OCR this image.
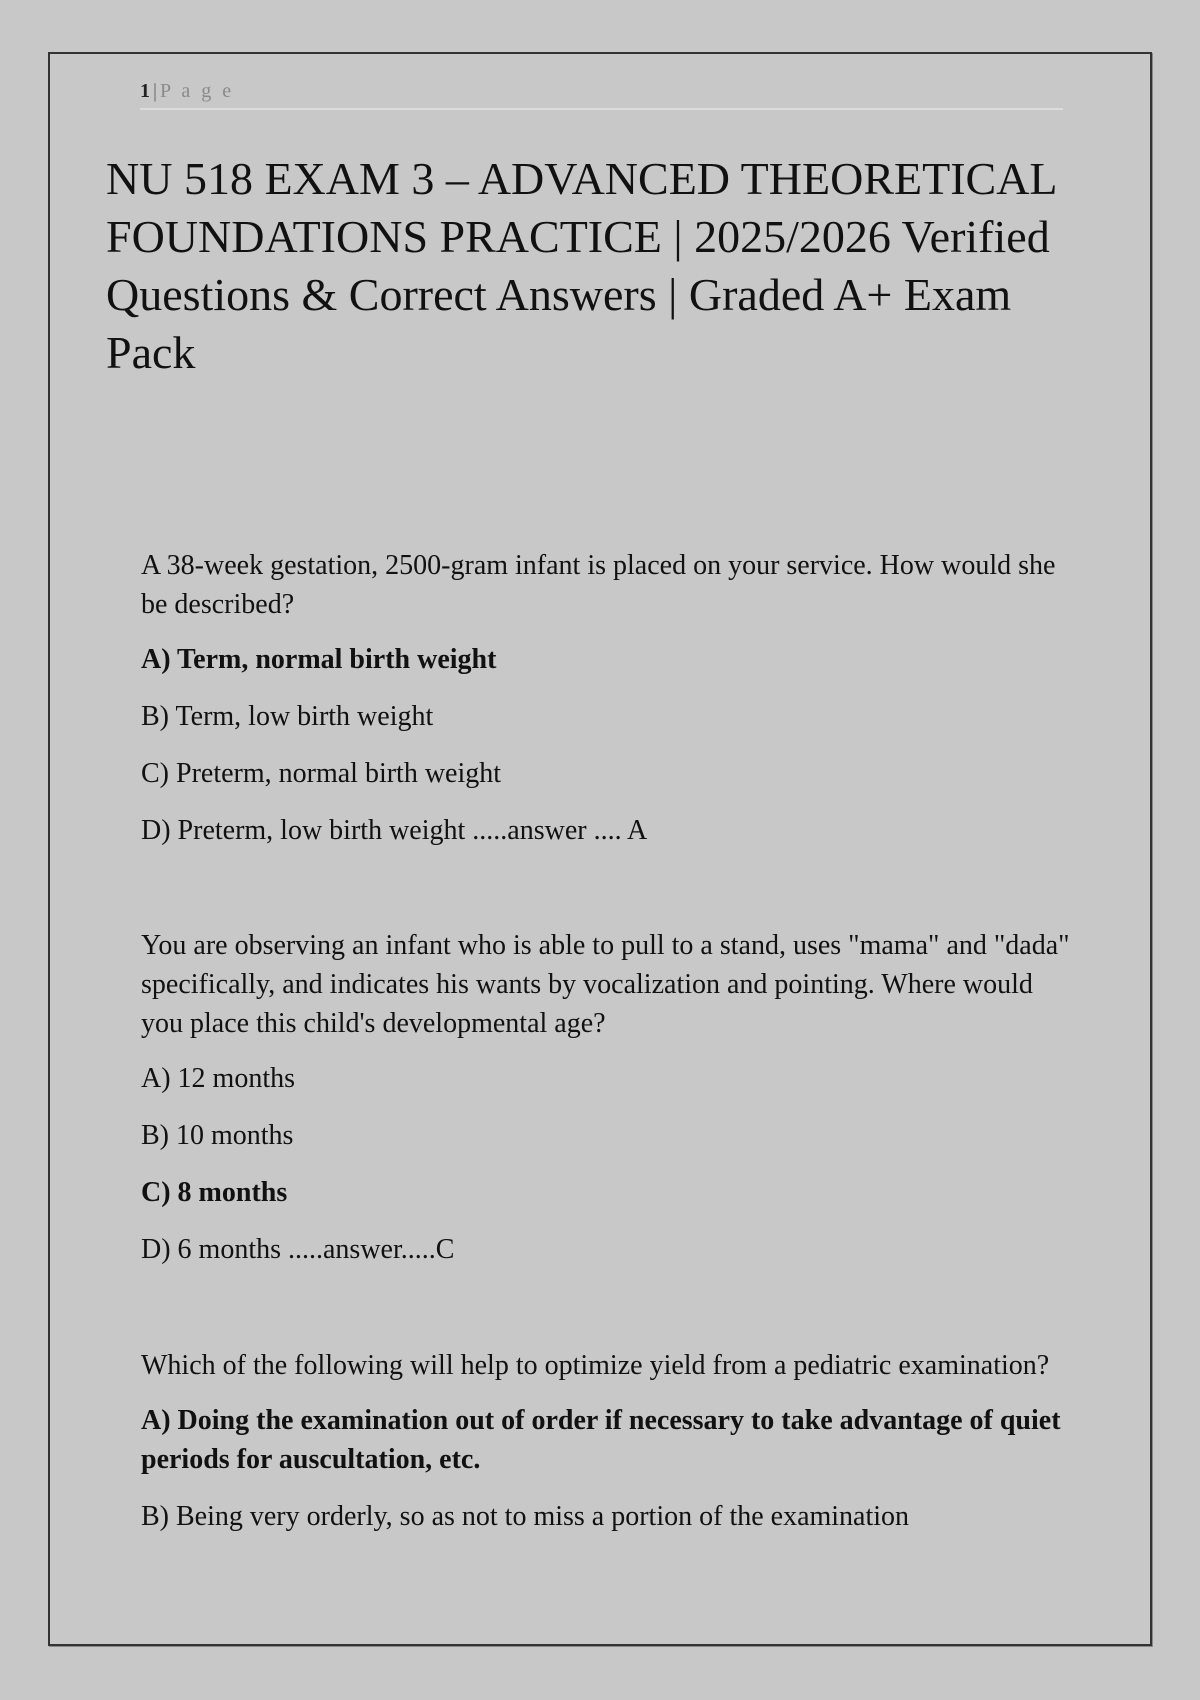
1 | P a g e
NU 518 EXAM 3 – ADVANCED THEORETICAL FOUNDATIONS PRACTICE | 2025/2026 Verified Questions & Correct Answers | Graded A+ Exam Pack

A 38-week gestation, 2500-gram infant is placed on your service. How would she be described?

A) Term, normal birth weight

B) Term, low birth weight

C) Preterm, normal birth weight

D) Preterm, low birth weight .....answer .... A

You are observing an infant who is able to pull to a stand, uses "mama" and "dada" specifically, and indicates his wants by vocalization and pointing. Where would you place this child's developmental age?

A) 12 months

B) 10 months

C) 8 months

D) 6 months .....answer.....C

Which of the following will help to optimize yield from a pediatric examination?

A) Doing the examination out of order if necessary to take advantage of quiet periods for auscultation, etc.

B) Being very orderly, so as not to miss a portion of the examination
